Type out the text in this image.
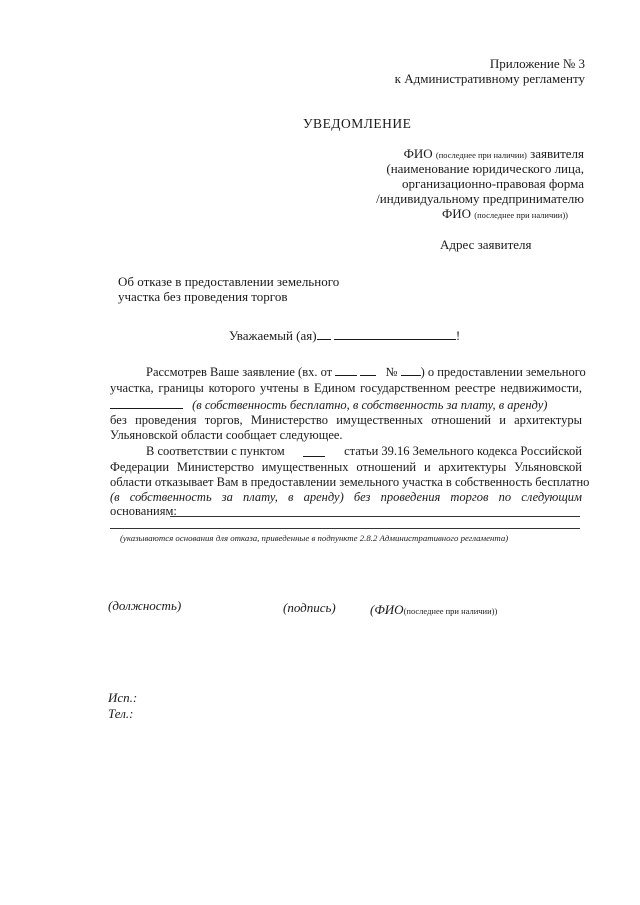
Приложение № 3
к Административному регламенту
УВЕДОМЛЕНИЕ
ФИО (последнее при наличии) заявителя
(наименование юридического лица,
организационно-правовая форма
/индивидуальному предпринимателю
ФИО (последнее при наличии))
Адрес заявителя
Об отказе в предоставлении земельного
участка без проведения торгов
Уважаемый (ая)	!
Рассмотрев Ваше заявление (вх. от	№ ) о предоставлении земельного
участка, границы которого учтены в Едином государственном реестре недвижимости,
(в собственность бесплатно, в собственность за плату, в аренду)
без проведения торгов, Министерство имущественных отношений и архитектуры
Ульяновской области сообщает следующее.
В соответствии с пунктом	статьи 39.16 Земельного кодекса Российской
Федерации Министерство имущественных отношений и архитектуры Ульяновской
области отказывает Вам в предоставлении земельного участка в собственность бесплатно
(в собственность за плату, в аренду) без проведения торгов по следующим
основаниям:
(указываются основания для отказа, приведенные в подпункте 2.8.2 Административного регламента)
(должность)	(подпись)	(ФИО(последнее при наличии))
Исп.:
Тел.:
